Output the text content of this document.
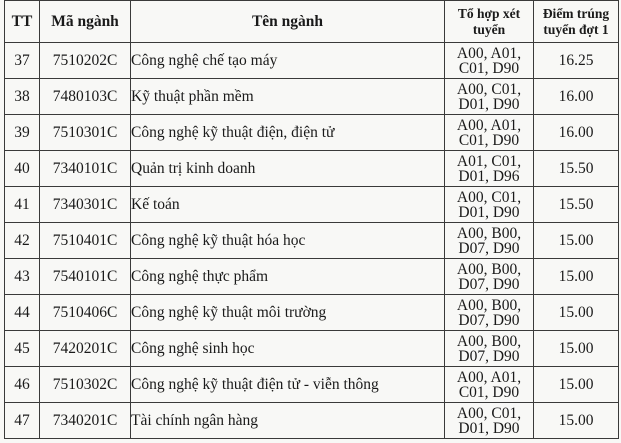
TT	Mã ngành	Tên ngành	Tổ hợp xét
tuyển	Điểm trúng
tuyển đợt 1

37	7510202C	Công nghệ chế tạo máy	A00, A01,
C01, D90	16.25
38	7480103C	Kỹ thuật phần mềm	A00, C01,
D01, D90	16.00
39	7510301C	Công nghệ kỹ thuật điện, điện tử	A00, A01,
C01, D90	16.00
40	7340101C	Quản trị kinh doanh	A01, C01,
D01, D96	15.50
41	7340301C	Kế toán	A00, C01,
D01, D90	15.50
42	7510401C	Công nghệ kỹ thuật hóa học	A00, B00,
D07, D90	15.00
43	7540101C	Công nghệ thực phẩm	A00, B00,
D07, D90	15.00
44	7510406C	Công nghệ kỹ thuật môi trường	A00, B00,
D07, D90	15.00
45	7420201C	Công nghệ sinh học	A00, B00,
D07, D90	15.00
46	7510302C	Công nghệ kỹ thuật điện tử - viễn thông	A00, A01,
C01, D90	15.00
47	7340201C	Tài chính ngân hàng	A00, C01,
D01, D90	15.00
